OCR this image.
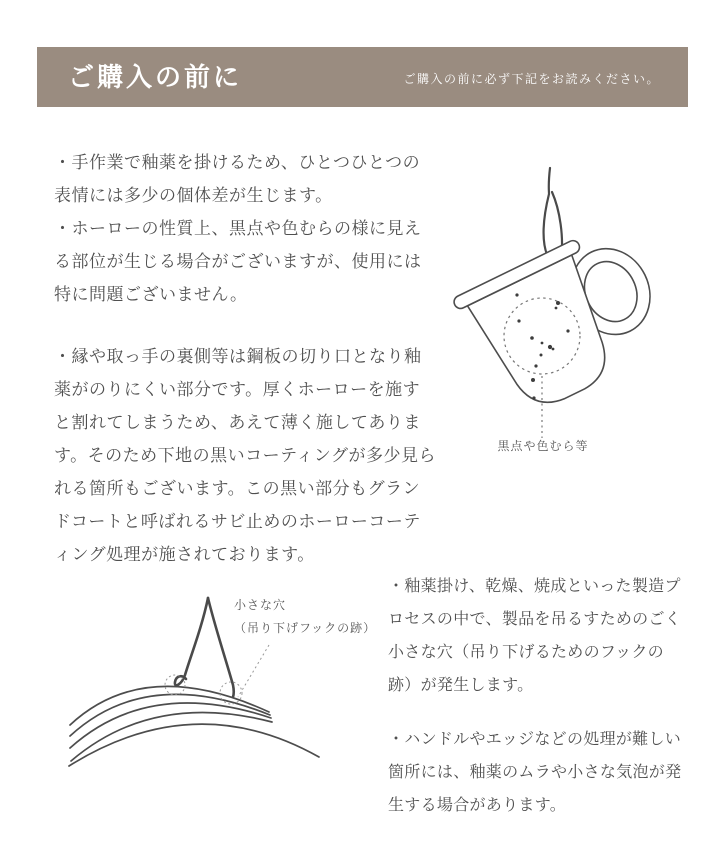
ご購入の前に	ご購入の前に必ず下記をお読みください。

・手作業で釉薬を掛けるため、ひとつひとつの表情には多少の個体差が生じます。

・ホーローの性質上、黒点や色むらの様に見える部位が生じる場合がございますが、使用には特に問題ございません。

・縁や取っ手の裏側等は鋼板の切り口となり釉薬がのりにくい部分です。厚くホーローを施すと割れてしまうため、あえて薄く施してあります。そのため下地の黒いコーティングが多少見られる箇所もございます。この黒い部分もグランドコートと呼ばれるサビ止めのホーローコーティング処理が施されております。

黒点や色むら等
小さな穴
（吊り下げフックの跡）

・釉薬掛け、乾燥、焼成といった製造プロセスの中で、製品を吊るすためのごく小さな穴（吊り下げるためのフックの跡）が発生します。

・ハンドルやエッジなどの処理が難しい箇所には、釉薬のムラや小さな気泡が発生する場合があります。
